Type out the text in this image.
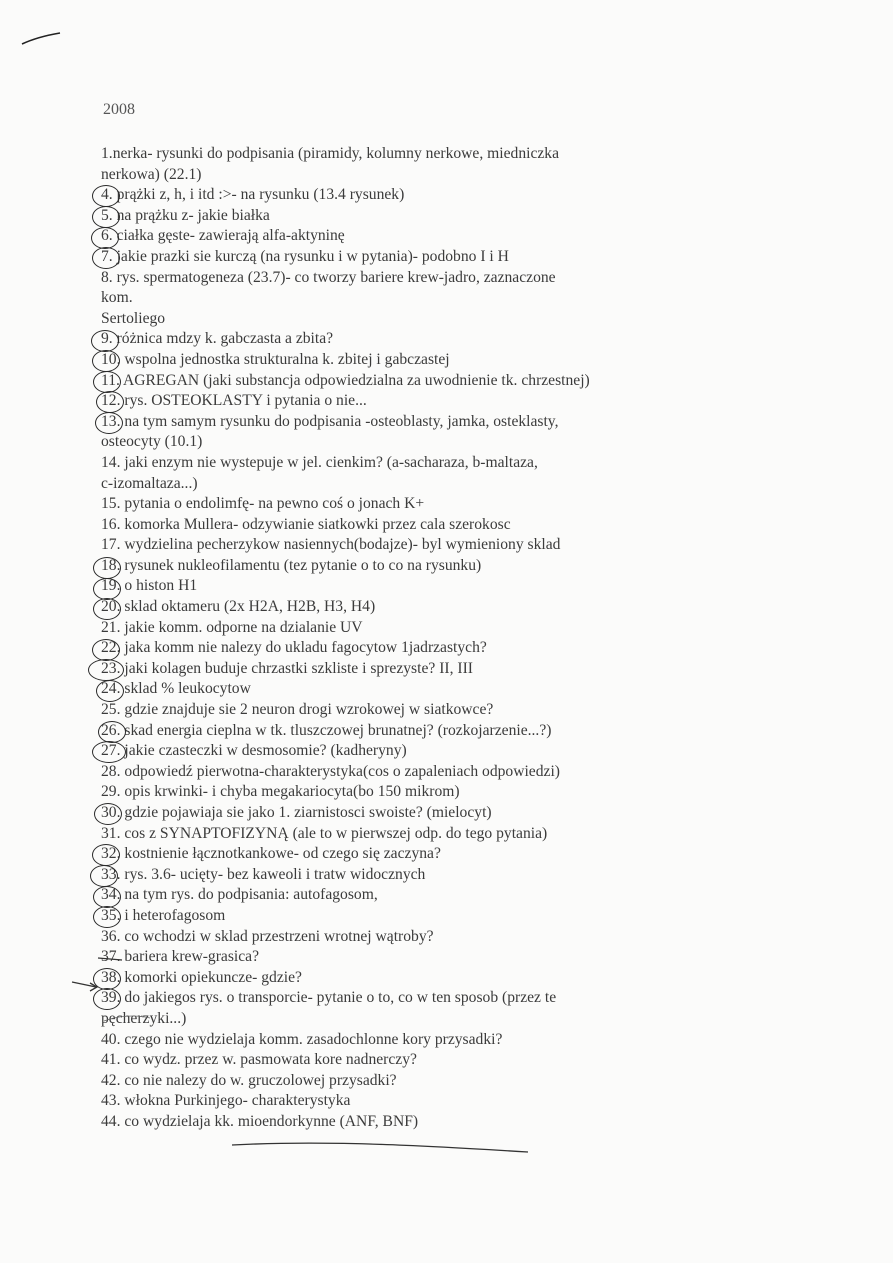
2008
1.nerka- rysunki do podpisania (piramidy, kolumny nerkowe, miedniczka
nerkowa) (22.1)
4. prążki z, h, i itd :>- na rysunku (13.4 rysunek)
5. na prążku z- jakie białka
6. ciałka gęste- zawierają alfa-aktyninę
7. jakie prazki sie kurczą (na rysunku i w pytania)- podobno I i H
8. rys. spermatogeneza (23.7)- co tworzy bariere krew-jadro, zaznaczone
kom.
Sertoliego
9. różnica mdzy k. gabczasta a zbita?
10. wspolna jednostka strukturalna k. zbitej i gabczastej
11. AGREGAN (jaki substancja odpowiedzialna za uwodnienie tk. chrzestnej)
12. rys. OSTEOKLASTY i pytania o nie...
13. na tym samym rysunku do podpisania -osteoblasty, jamka, osteklasty,
osteocyty (10.1)
14. jaki enzym nie wystepuje w jel. cienkim? (a-sacharaza, b-maltaza,
c-izomaltaza...)
15. pytania o endolimfę- na pewno coś o jonach K+
16. komorka Mullera- odzywianie siatkowki przez cala szerokosc
17. wydzielina pecherzykow nasiennych(bodajze)- byl wymieniony sklad
18. rysunek nukleofilamentu (tez pytanie o to co na rysunku)
19. o histon H1
20. sklad oktameru (2x H2A, H2B, H3, H4)
21. jakie komm. odporne na dzialanie UV
22. jaka komm nie nalezy do ukladu fagocytow 1jadrzastych?
23. jaki kolagen buduje chrzastki szkliste i sprezyste? II, III
24. sklad % leukocytow
25. gdzie znajduje sie 2 neuron drogi wzrokowej w siatkowce?
26. skad energia cieplna w tk. tluszczowej brunatnej? (rozkojarzenie...?)
27. jakie czasteczki w desmosomie? (kadheryny)
28. odpowiedź pierwotna-charakterystyka(cos o zapaleniach odpowiedzi)
29. opis krwinki- i chyba megakariocyta(bo 150 mikrom)
30. gdzie pojawiaja sie jako 1. ziarnistosci swoiste? (mielocyt)
31. cos z SYNAPTOFIZYNĄ (ale to w pierwszej odp. do tego pytania)
32. kostnienie łącznotkankowe- od czego się zaczyna?
33. rys. 3.6- ucięty- bez kaweoli i tratw widocznych
34. na tym rys. do podpisania: autofagosom,
35. i heterofagosom
36. co wchodzi w sklad przestrzeni wrotnej wątroby?
37. bariera krew-grasica?
38. komorki opiekuncze- gdzie?
39. do jakiegos rys. o transporcie- pytanie o to, co w ten sposob (przez te
pęcherzyki...)
40. czego nie wydzielaja komm. zasadochlonne kory przysadki?
41. co wydz. przez w. pasmowata kore nadnerczy?
42. co nie nalezy do w. gruczolowej przysadki?
43. włokna Purkinjego- charakterystyka
44. co wydzielaja kk. mioendorkynne (ANF, BNF)
